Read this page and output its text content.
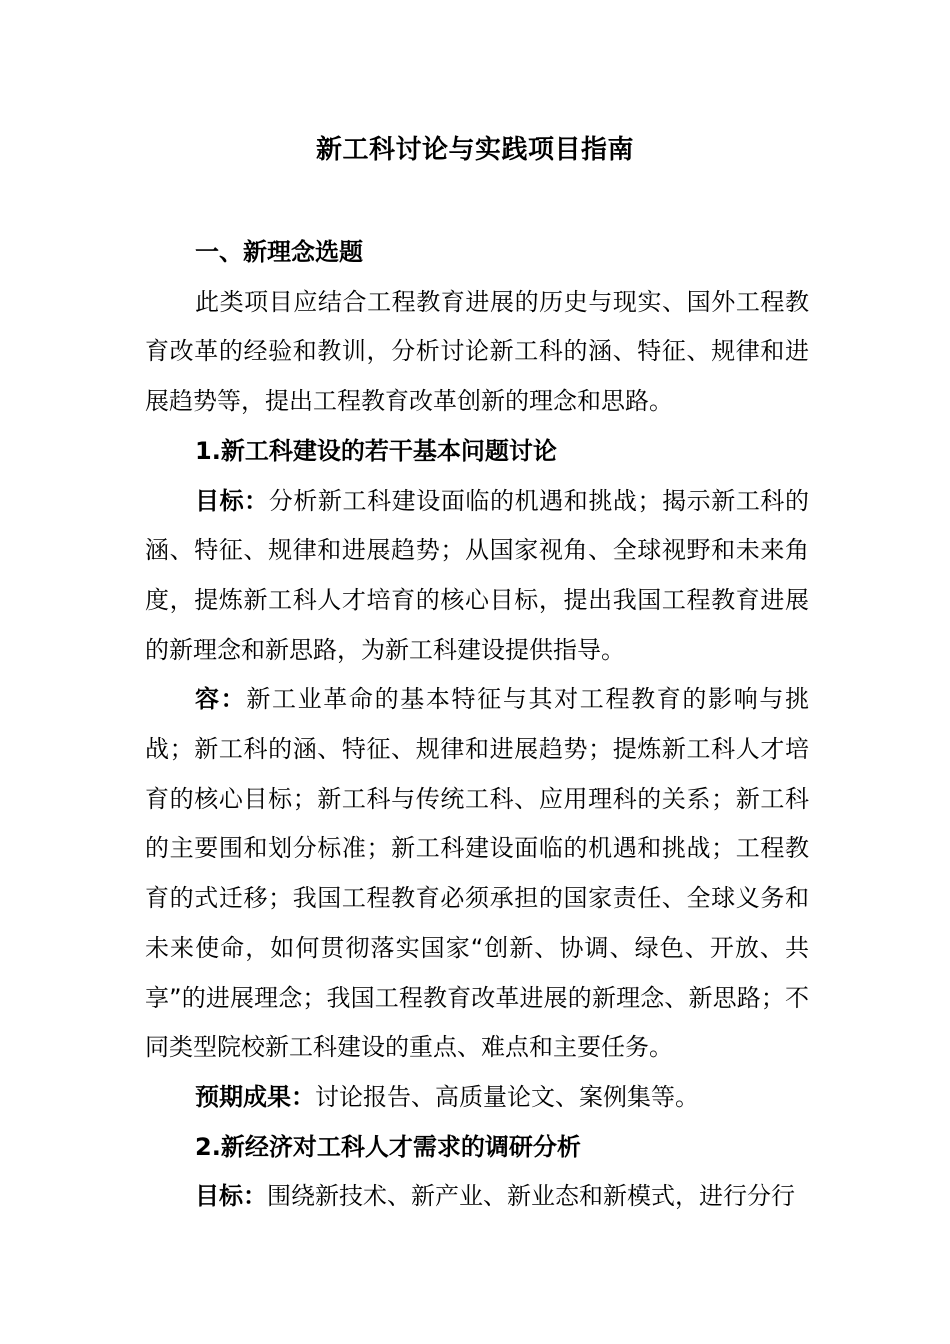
新工科讨论与实践项目指南

一、新理念选题

此类项目应结合工程教育进展的历史与现实、国外工程教育改革的经验和教训，分析讨论新工科的涵、特征、规律和进展趋势等，提出工程教育改革创新的理念和思路。

1.新工科建设的若干基本问题讨论

目标：分析新工科建设面临的机遇和挑战；揭示新工科的涵、特征、规律和进展趋势；从国家视角、全球视野和未来角度，提炼新工科人才培育的核心目标，提出我国工程教育进展的新理念和新思路，为新工科建设提供指导。

容：新工业革命的基本特征与其对工程教育的影响与挑战；新工科的涵、特征、规律和进展趋势；提炼新工科人才培育的核心目标；新工科与传统工科、应用理科的关系；新工科的主要围和划分标准；新工科建设面临的机遇和挑战；工程教育的式迁移；我国工程教育必须承担的国家责任、全球义务和未来使命，如何贯彻落实国家“创新、协调、绿色、开放、共享”的进展理念；我国工程教育改革进展的新理念、新思路；不同类型院校新工科建设的重点、难点和主要任务。

预期成果：讨论报告、高质量论文、案例集等。

2.新经济对工科人才需求的调研分析

目标：围绕新技术、新产业、新业态和新模式，进行分行
